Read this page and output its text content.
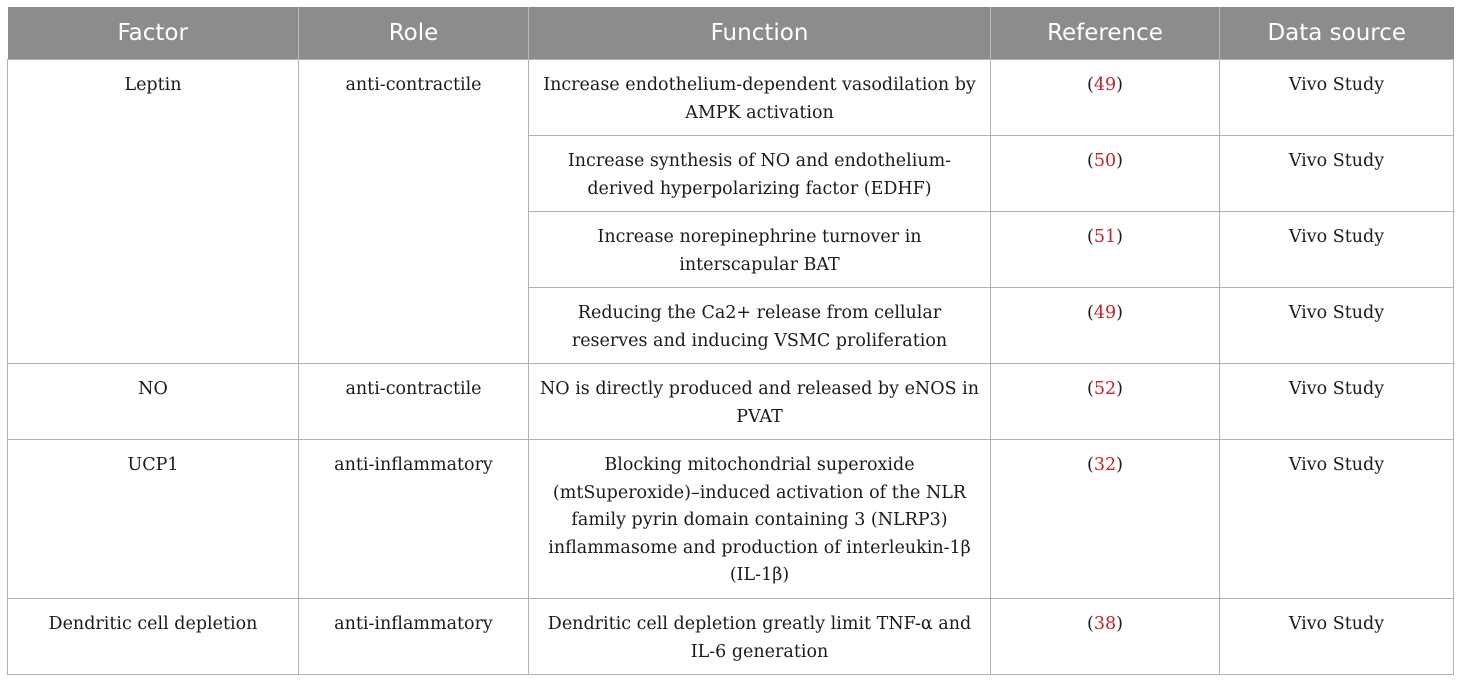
Factor	Role	Function	Reference	Data source
Leptin	anti-contractile	Increase endothelium-dependent vasodilation by AMPK activation	(49)	Vivo Study
		Increase synthesis of NO and endothelium-derived hyperpolarizing factor (EDHF)	(50)	Vivo Study
		Increase norepinephrine turnover in interscapular BAT	(51)	Vivo Study
		Reducing the Ca2+ release from cellular reserves and inducing VSMC proliferation	(49)	Vivo Study
NO	anti-contractile	NO is directly produced and released by eNOS in PVAT	(52)	Vivo Study
UCP1	anti-inflammatory	Blocking mitochondrial superoxide (mtSuperoxide)–induced activation of the NLR family pyrin domain containing 3 (NLRP3) inflammasome and production of interleukin-1β (IL-1β)	(32)	Vivo Study
Dendritic cell depletion	anti-inflammatory	Dendritic cell depletion greatly limit TNF-α and IL-6 generation	(38)	Vivo Study
